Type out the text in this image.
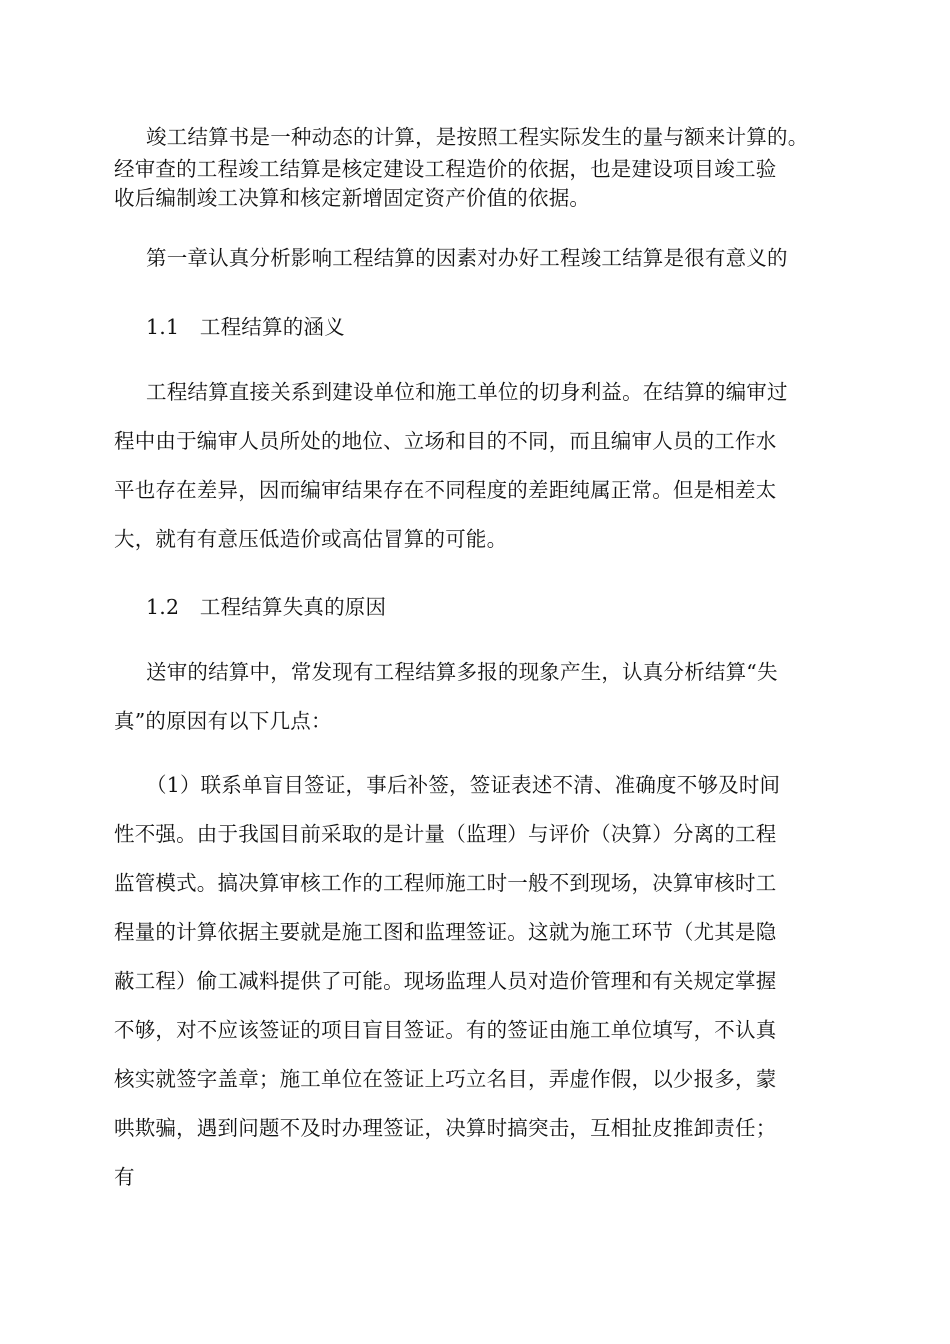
竣工结算书是一种动态的计算，是按照工程实际发生的量与额来计算的。
经审查的工程竣工结算是核定建设工程造价的依据，也是建设项目竣工验
收后编制竣工决算和核定新增固定资产价值的依据。
第一章认真分析影响工程结算的因素对办好工程竣工结算是很有意义的
1.1　工程结算的涵义
工程结算直接关系到建设单位和施工单位的切身利益。在结算的编审过
程中由于编审人员所处的地位、立场和目的不同，而且编审人员的工作水
平也存在差异，因而编审结果存在不同程度的差距纯属正常。但是相差太
大，就有有意压低造价或高估冒算的可能。
1.2　工程结算失真的原因
送审的结算中，常发现有工程结算多报的现象产生，认真分析结算“失
真”的原因有以下几点：
（1）联系单盲目签证，事后补签，签证表述不清、准确度不够及时间
性不强。由于我国目前采取的是计量（监理）与评价（决算）分离的工程
监管模式。搞决算审核工作的工程师施工时一般不到现场，决算审核时工
程量的计算依据主要就是施工图和监理签证。这就为施工环节（尤其是隐
蔽工程）偷工减料提供了可能。现场监理人员对造价管理和有关规定掌握
不够，对不应该签证的项目盲目签证。有的签证由施工单位填写，不认真
核实就签字盖章；施工单位在签证上巧立名目，弄虚作假，以少报多，蒙
哄欺骗，遇到问题不及时办理签证，决算时搞突击，互相扯皮推卸责任；
有
